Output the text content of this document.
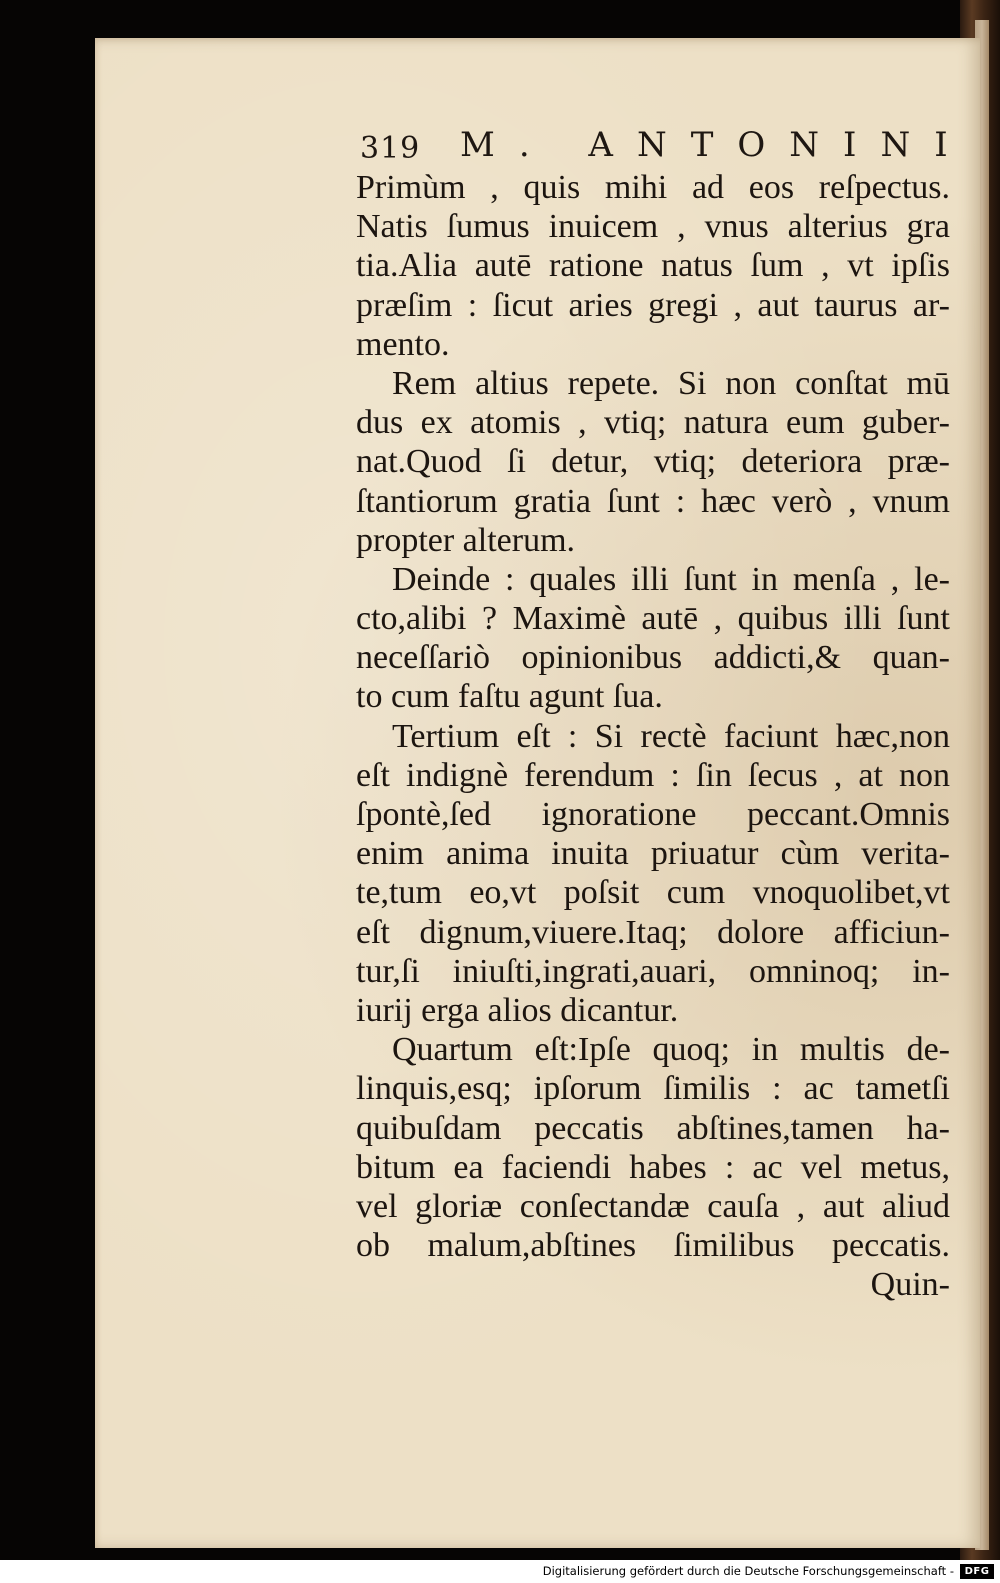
319 M. ANTONINI
Primùm , quis mihi ad eos reſpectus.
Natis ſumus inuicem , vnus alterius gra
tia.Alia autē ratione natus ſum , vt ipſis
præſim : ſicut aries gregi , aut taurus ar-
mento.
Rem altius repete. Si non conſtat mū
dus ex atomis , vtiq; natura eum guber-
nat.Quod ſi detur, vtiq; deteriora præ-
ſtantiorum gratia ſunt : hæc verò , vnum
propter alterum.
Deinde : quales illi ſunt in menſa , le-
cto,alibi ? Maximè autē , quibus illi ſunt
neceſſariò opinionibus addicti,& quan-
to cum faſtu agunt ſua.
Tertium eſt : Si rectè faciunt hæc,non
eſt indignè ferendum : ſin ſecus , at non
ſpontè,ſed ignoratione peccant.Omnis
enim anima inuita priuatur cùm verita-
te,tum eo,vt poſsit cum vnoquolibet,vt
eſt dignum,viuere.Itaq; dolore afficiun-
tur,ſi iniuſti,ingrati,auari, omninoq; in-
iurij erga alios dicantur.
Quartum eſt:Ipſe quoq; in multis de-
linquis,esq; ipſorum ſimilis : ac tametſi
quibuſdam peccatis abſtines,tamen ha-
bitum ea faciendi habes : ac vel metus,
vel gloriæ conſectandæ cauſa , aut aliud
ob malum,abſtines ſimilibus peccatis.
Quin-
Digitalisierung gefördert durch die Deutsche Forschungsgemeinschaft -	DFG
